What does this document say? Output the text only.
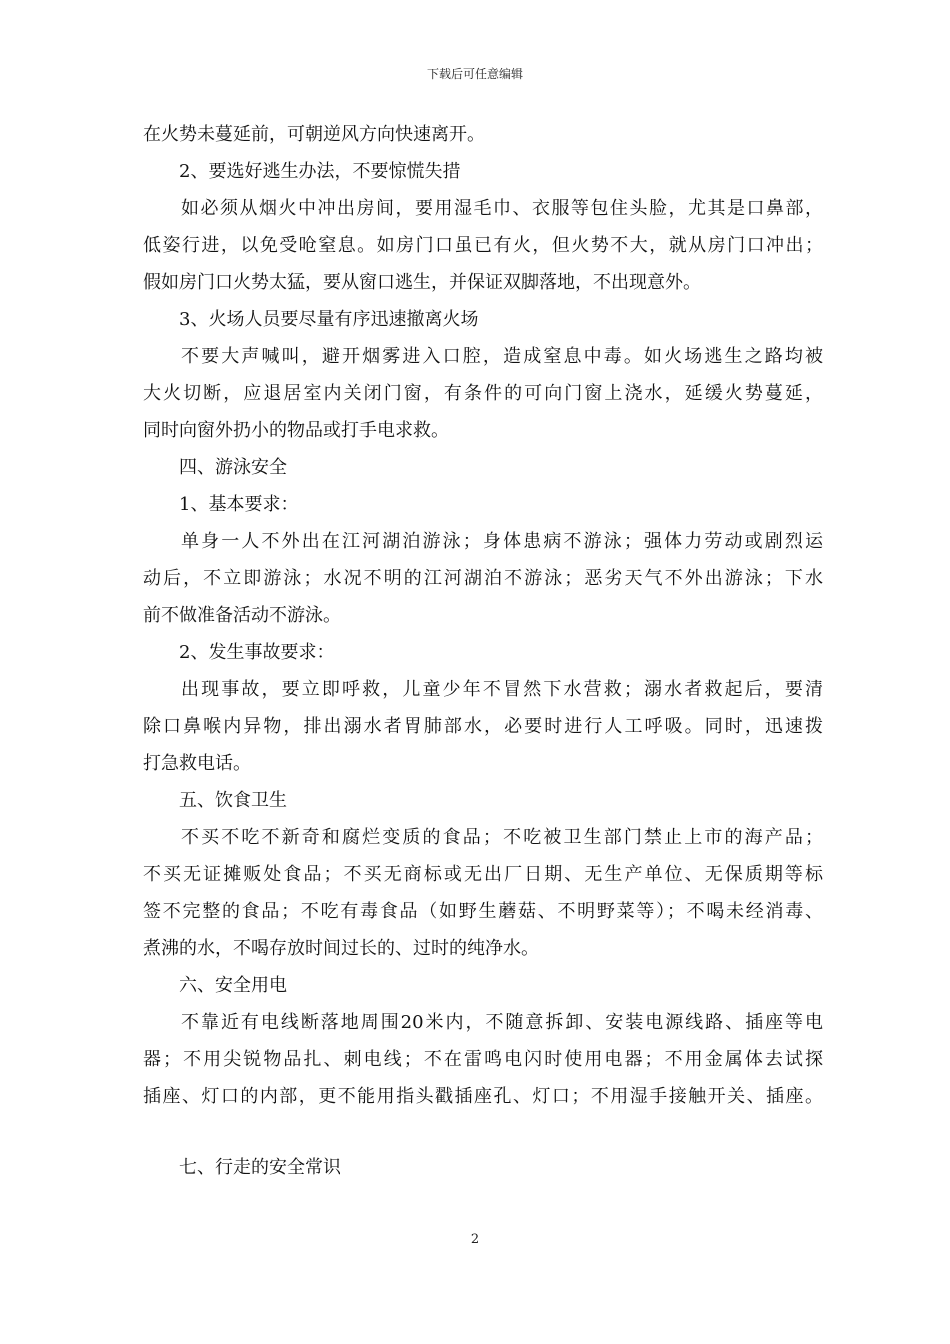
下载后可任意编辑
在火势未蔓延前，可朝逆风方向快速离开。
2、要选好逃生办法，不要惊慌失措
如必须从烟火中冲出房间，要用湿毛巾、衣服等包住头脸，尤其是口鼻部，
低姿行进，以免受呛窒息。如房门口虽已有火，但火势不大，就从房门口冲出；
假如房门口火势太猛，要从窗口逃生，并保证双脚落地，不出现意外。
3、火场人员要尽量有序迅速撤离火场
不要大声喊叫，避开烟雾进入口腔，造成窒息中毒。如火场逃生之路均被
大火切断，应退居室内关闭门窗，有条件的可向门窗上浇水，延缓火势蔓延，
同时向窗外扔小的物品或打手电求救。
四、游泳安全
1、基本要求：
单身一人不外出在江河湖泊游泳；身体患病不游泳；强体力劳动或剧烈运
动后，不立即游泳；水况不明的江河湖泊不游泳；恶劣天气不外出游泳；下水
前不做准备活动不游泳。
2、发生事故要求：
出现事故，要立即呼救，儿童少年不冒然下水营救；溺水者救起后，要清
除口鼻喉内异物，排出溺水者胃肺部水，必要时进行人工呼吸。同时，迅速拨
打急救电话。
五、饮食卫生
不买不吃不新奇和腐烂变质的食品；不吃被卫生部门禁止上市的海产品；
不买无证摊贩处食品；不买无商标或无出厂日期、无生产单位、无保质期等标
签不完整的食品；不吃有毒食品（如野生蘑菇、不明野菜等）；不喝未经消毒、
煮沸的水，不喝存放时间过长的、过时的纯净水。
六、安全用电
不靠近有电线断落地周围20米内，不随意拆卸、安装电源线路、插座等电
器；不用尖锐物品扎、刺电线；不在雷鸣电闪时使用电器；不用金属体去试探
插座、灯口的内部，更不能用指头戳插座孔、灯口；不用湿手接触开关、插座。
七、行走的安全常识
2
